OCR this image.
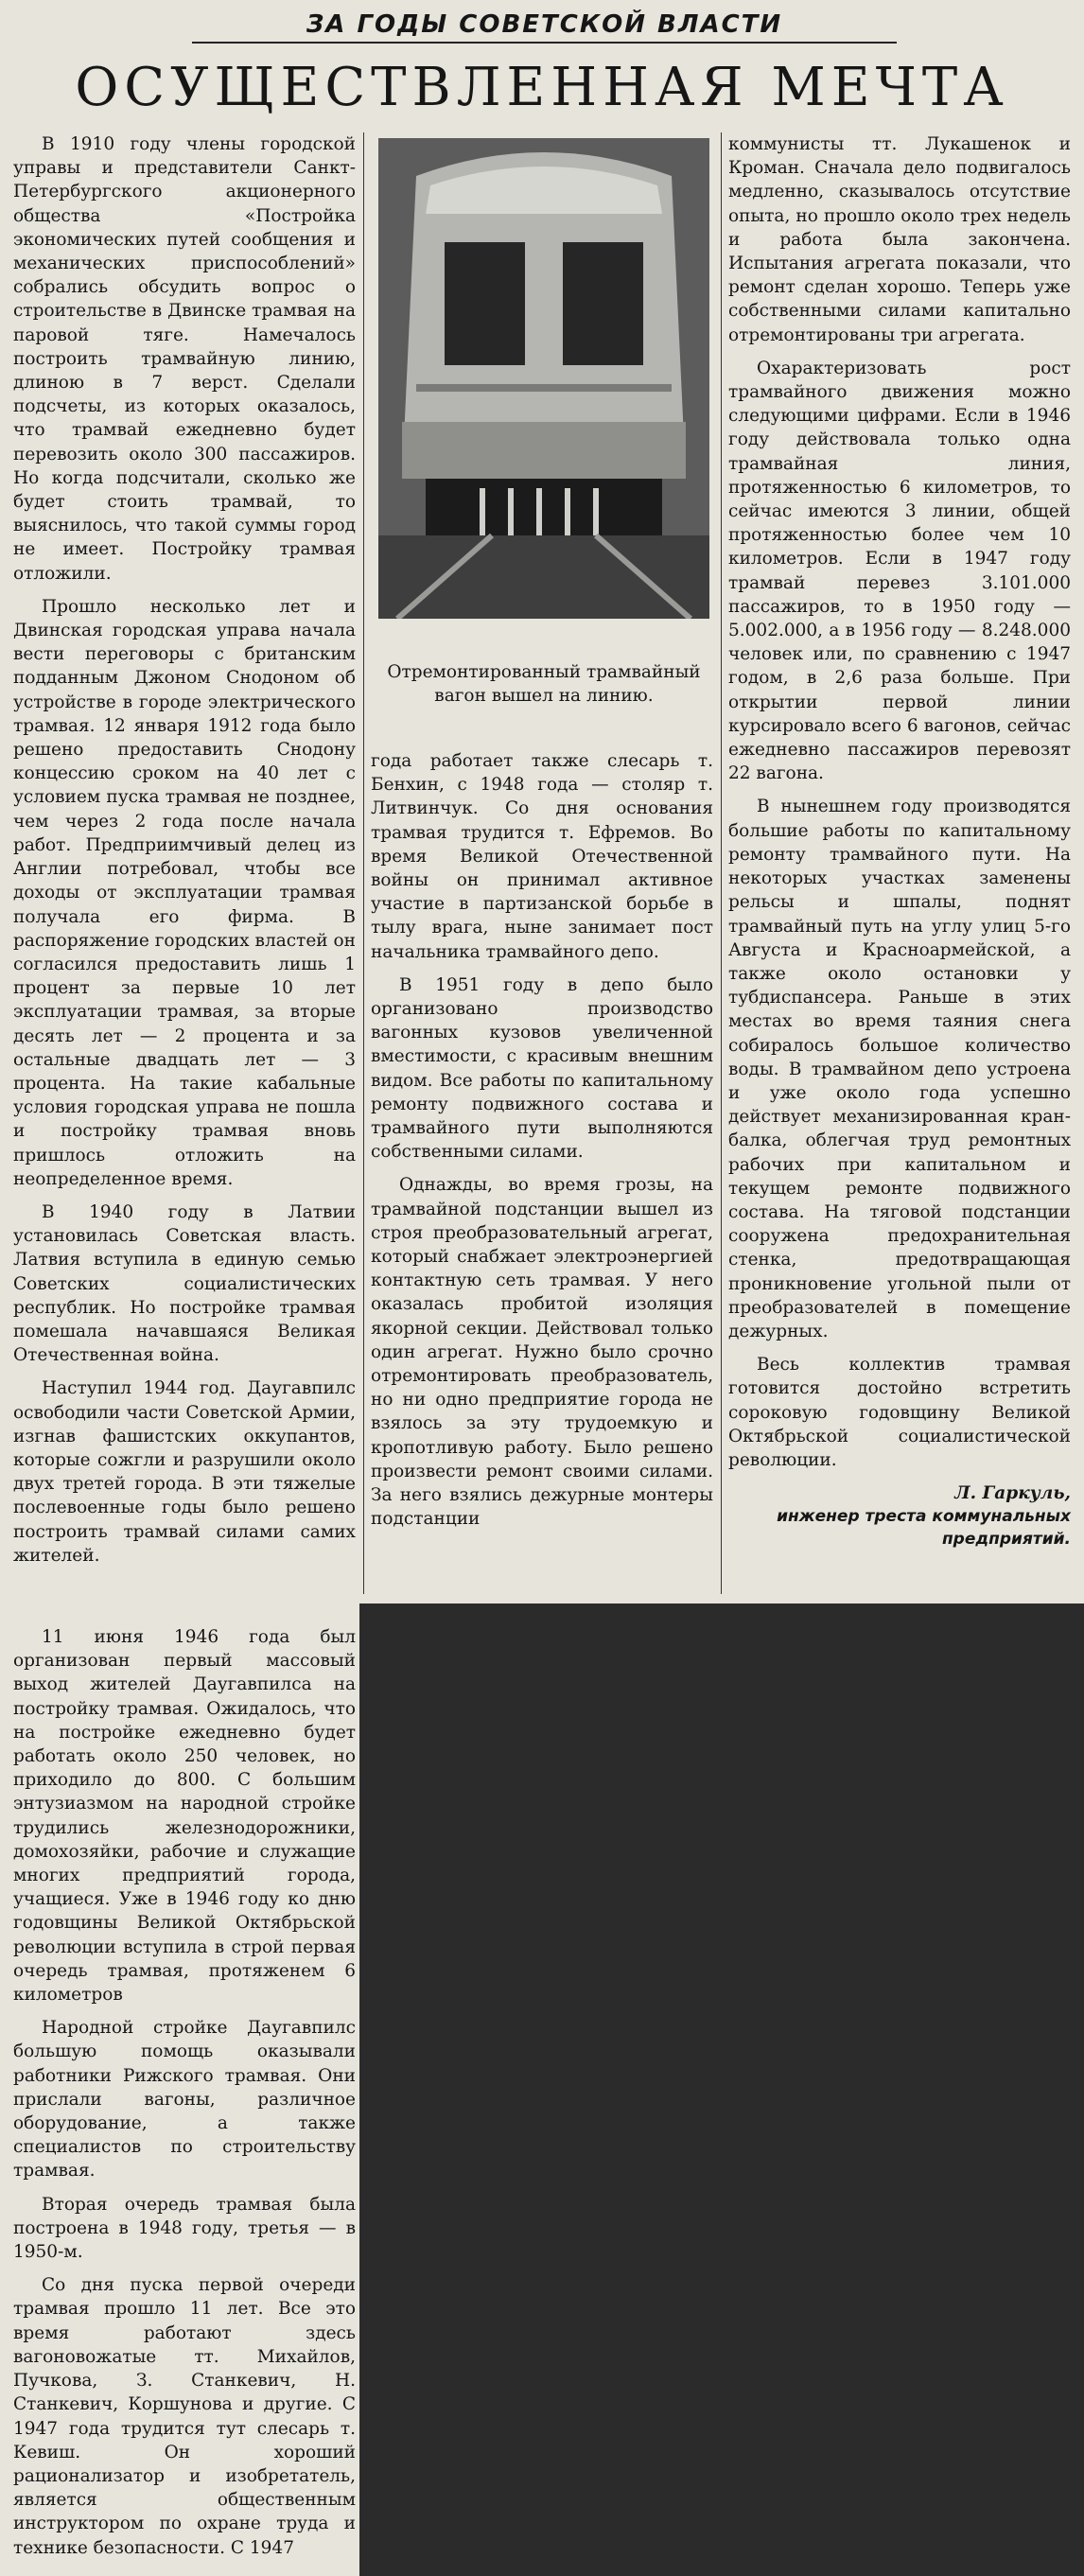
ЗА ГОДЫ СОВЕТСКОЙ ВЛАСТИ
ОСУЩЕСТВЛЕННАЯ МЕЧТА

В 1910 году члены городской управы и представители Санкт-Петербургского акционерного общества «Постройка экономических путей сообщения и механических приспособлений» собрались обсудить вопрос о строительстве в Двинске трамвая на паровой тяге. Намечалось построить трамвайную линию, длиною в 7 верст. Сделали подсчеты, из которых оказалось, что трамвай ежедневно будет перевозить около 300 пассажиров. Но когда подсчитали, сколько же будет стоить трамвай, то выяснилось, что такой суммы город не имеет. Постройку трамвая отложили.

Прошло несколько лет и Двинская городская управа начала вести переговоры с британским подданным Джоном Снодоном об устройстве в городе электрического трамвая. 12 января 1912 года было решено предоставить Снодону концессию сроком на 40 лет с условием пуска трамвая не позднее, чем через 2 года после начала работ. Предприимчивый делец из Англии потребовал, чтобы все доходы от эксплуатации трамвая получала его фирма. В распоряжение городских властей он согласился предоставить лишь 1 процент за первые 10 лет эксплуатации трамвая, за вторые десять лет — 2 процента и за остальные двадцать лет — 3 процента. На такие кабальные условия городская управа не пошла и постройку трамвая вновь пришлось отложить на неопределенное время.

В 1940 году в Латвии установилась Советская власть. Латвия вступила в единую семью Советских социалистических республик. Но постройке трамвая помешала начавшаяся Великая Отечественная война.

Наступил 1944 год. Даугавпилс освободили части Советской Армии, изгнав фашистских оккупантов, которые сожгли и разрушили около двух третей города. В эти тяжелые послевоенные годы было решено построить трамвай силами самих жителей.

Отремонтированный трамвайный вагон вышел на линию.

года работает также слесарь т. Бенхин, с 1948 года — столяр т. Литвинчук. Со дня основания трамвая трудится т. Ефремов. Во время Великой Отечественной войны он принимал активное участие в партизанской борьбе в тылу врага, ныне занимает пост начальника трамвайного депо.

В 1951 году в депо было организовано производство вагонных кузовов увеличенной вместимости, с красивым внешним видом. Все работы по капитальному ремонту подвижного состава и трамвайного пути выполняются собственными силами.

Однажды, во время грозы, на трамвайной подстанции вышел из строя преобразовательный агрегат, который снабжает электроэнергией контактную сеть трамвая. У него оказалась пробитой изоляция якорной секции. Действовал только один агрегат. Нужно было срочно отремонтировать преобразователь, но ни одно предприятие города не взялось за эту трудоемкую и кропотливую работу. Было решено произвести ремонт своими силами. За него взялись дежурные монтеры подстанции

коммунисты тт. Лукашенок и Кроман. Сначала дело подвигалось медленно, сказывалось отсутствие опыта, но прошло около трех недель и работа была закончена. Испытания агрегата показали, что ремонт сделан хорошо. Теперь уже собственными силами капитально отремонтированы три агрегата.

Охарактеризовать рост трамвайного движения можно следующими цифрами. Если в 1946 году действовала только одна трамвайная линия, протяженностью 6 километров, то сейчас имеются 3 линии, общей протяженностью более чем 10 километров. Если в 1947 году трамвай перевез 3.101.000 пассажиров, то в 1950 году — 5.002.000, а в 1956 году — 8.248.000 человек или, по сравнению с 1947 годом, в 2,6 раза больше. При открытии первой линии курсировало всего 6 вагонов, сейчас ежедневно пассажиров перевозят 22 вагона.

В нынешнем году производятся большие работы по капитальному ремонту трамвайного пути. На некоторых участках заменены рельсы и шпалы, поднят трамвайный путь на углу улиц 5-го Августа и Красноармейской, а также около остановки у тубдиспансера. Раньше в этих местах во время таяния снега собиралось большое количество воды. В трамвайном депо устроена и уже около года успешно действует механизированная кран-балка, облегчая труд ремонтных рабочих при капитальном и текущем ремонте подвижного состава. На тяговой подстанции сооружена предохранительная стенка, предотвращающая проникновение угольной пыли от преобразователей в помещение дежурных.

Весь коллектив трамвая готовится достойно встретить сороковую годовщину Великой Октябрьской социалистической революции.

Л. Гаркуль,
инженер треста коммунальных предприятий.

11 июня 1946 года был организован первый массовый выход жителей Даугавпилса на постройку трамвая. Ожидалось, что на постройке ежедневно будет работать около 250 человек, но приходило до 800. С большим энтузиазмом на народной стройке трудились железнодорожники, домохозяйки, рабочие и служащие многих предприятий города, учащиеся. Уже в 1946 году ко дню годовщины Великой Октябрьской революции вступила в строй первая очередь трамвая, протяженем 6 километров

Народной стройке Даугавпилс большую помощь оказывали работники Рижского трамвая. Они прислали вагоны, различное оборудование, а также специалистов по строительству трамвая.

Вторая очередь трамвая была построена в 1948 году, третья — в 1950-м.

Со дня пуска первой очереди трамвая прошло 11 лет. Все это время работают здесь вагоновожатые тт. Михайлов, Пучкова, З. Станкевич, Н. Станкевич, Коршунова и другие. С 1947 года трудится тут слесарь т. Кевиш. Он хороший рационализатор и изобретатель, является общественным инструктором по охране труда и технике безопасности. С 1947
